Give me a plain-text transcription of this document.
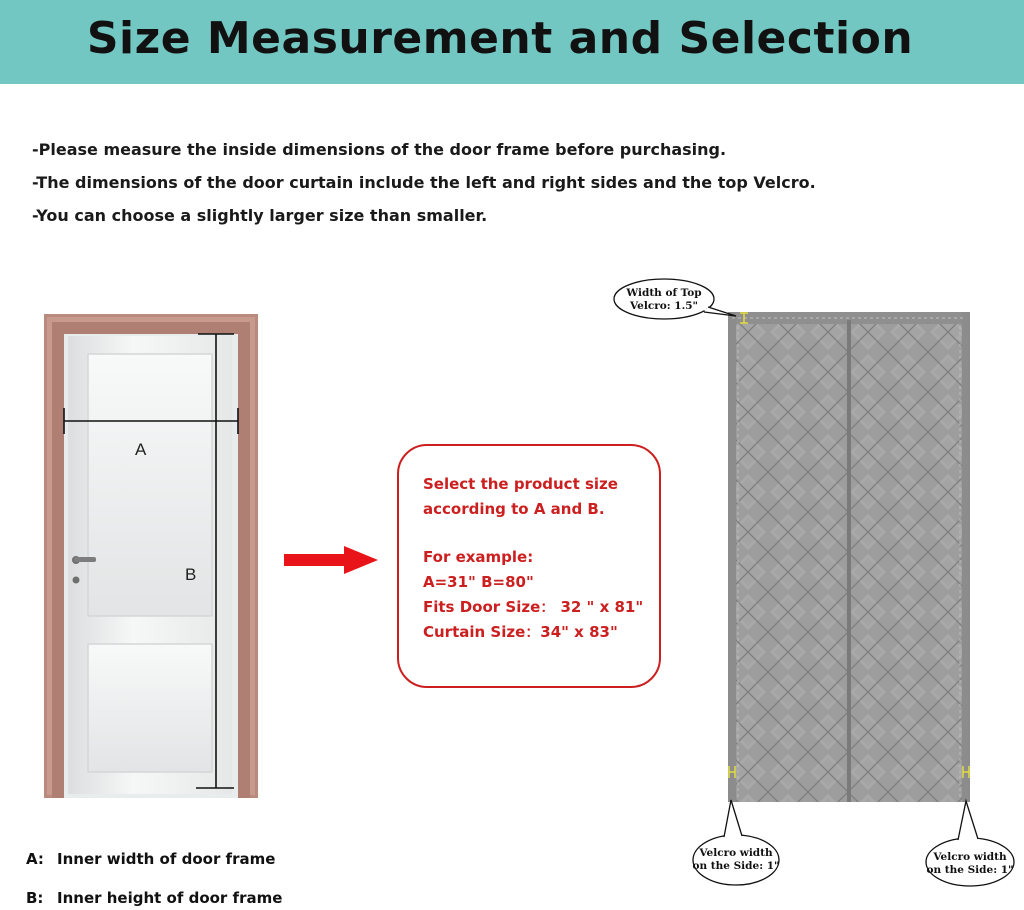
Size Measurement and Selection
-Please measure the inside dimensions of the door frame before purchasing.
-The dimensions of the door curtain include the left and right sides and the top Velcro.
-You can choose a slightly larger size than smaller.
A
B
Select the product size
according to A and B.
For example:
A=31" B=80"
Fits Door Size： 32 " x 81"
Curtain Size：34" x 83"
Width of Top
Velcro: 1.5"
Velcro width
on the Side: 1"
Velcro width
on the Side: 1"
A: Inner width of door frame
B: Inner height of door frame
